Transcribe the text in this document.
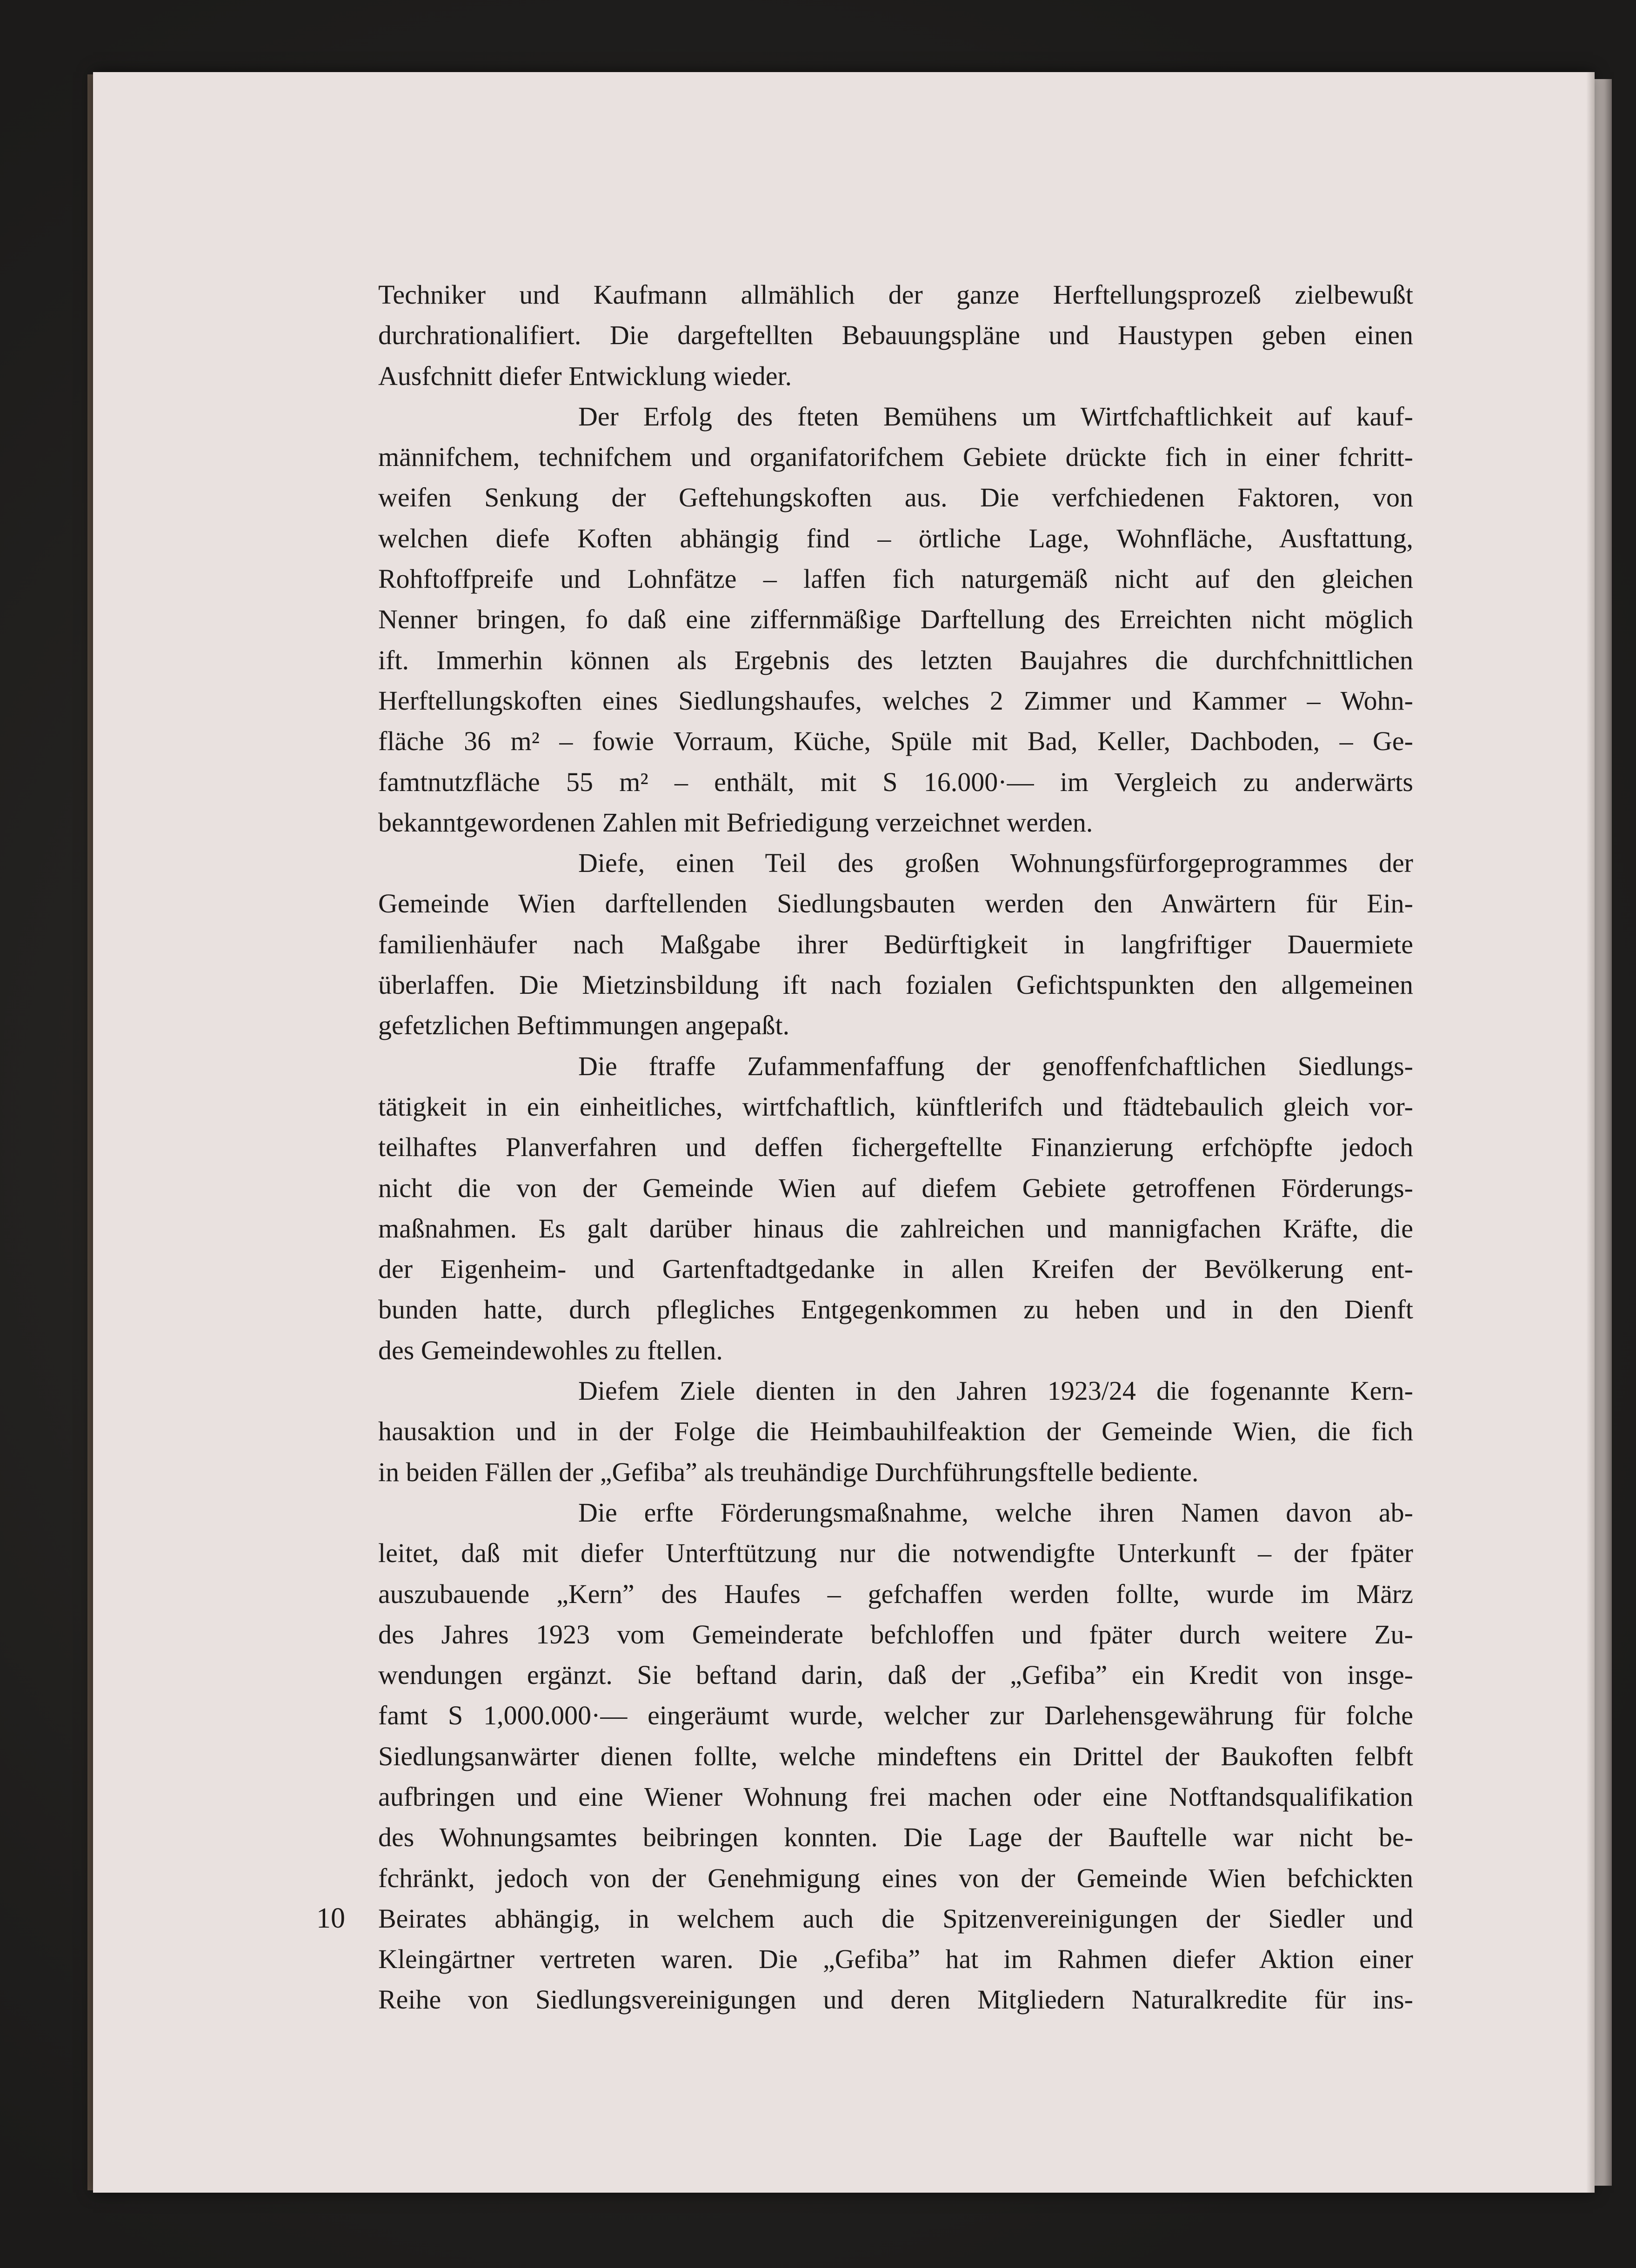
Techniker und Kaufmann allmählich der ganze Herftellungsprozeß zielbewußt
durchrationalifiert. Die dargeftellten Bebauungspläne und Haustypen geben einen
Ausfchnitt diefer Entwicklung wieder.
Der Erfolg des fteten Bemühens um Wirtfchaftlichkeit auf kauf-
männifchem, technifchem und organifatorifchem Gebiete drückte fich in einer fchritt-
weifen Senkung der Geftehungskoften aus. Die verfchiedenen Faktoren, von
welchen diefe Koften abhängig find – örtliche Lage, Wohnfläche, Ausftattung,
Rohftoffpreife und Lohnfätze – laffen fich naturgemäß nicht auf den gleichen
Nenner bringen, fo daß eine ziffernmäßige Darftellung des Erreichten nicht möglich
ift. Immerhin können als Ergebnis des letzten Baujahres die durchfchnittlichen
Herftellungskoften eines Siedlungshaufes, welches 2 Zimmer und Kammer – Wohn-
fläche 36 m² – fowie Vorraum, Küche, Spüle mit Bad, Keller, Dachboden, – Ge-
famtnutzfläche 55 m² – enthält, mit S 16.000·— im Vergleich zu anderwärts
bekanntgewordenen Zahlen mit Befriedigung verzeichnet werden.
Diefe, einen Teil des großen Wohnungsfürforgeprogrammes der
Gemeinde Wien darftellenden Siedlungsbauten werden den Anwärtern für Ein-
familienhäufer nach Maßgabe ihrer Bedürftigkeit in langfriftiger Dauermiete
überlaffen. Die Mietzinsbildung ift nach fozialen Gefichtspunkten den allgemeinen
gefetzlichen Beftimmungen angepaßt.
Die ftraffe Zufammenfaffung der genoffenfchaftlichen Siedlungs-
tätigkeit in ein einheitliches, wirtfchaftlich, künftlerifch und ftädtebaulich gleich vor-
teilhaftes Planverfahren und deffen fichergeftellte Finanzierung erfchöpfte jedoch
nicht die von der Gemeinde Wien auf diefem Gebiete getroffenen Förderungs-
maßnahmen. Es galt darüber hinaus die zahlreichen und mannigfachen Kräfte, die
der Eigenheim- und Gartenftadtgedanke in allen Kreifen der Bevölkerung ent-
bunden hatte, durch pflegliches Entgegenkommen zu heben und in den Dienft
des Gemeindewohles zu ftellen.
Diefem Ziele dienten in den Jahren 1923/24 die fogenannte Kern-
hausaktion und in der Folge die Heimbauhilfeaktion der Gemeinde Wien, die fich
in beiden Fällen der „Gefiba” als treuhändige Durchführungsftelle bediente.
Die erfte Förderungsmaßnahme, welche ihren Namen davon ab-
leitet, daß mit diefer Unterftützung nur die notwendigfte Unterkunft – der fpäter
auszubauende „Kern” des Haufes – gefchaffen werden follte, wurde im März
des Jahres 1923 vom Gemeinderate befchloffen und fpäter durch weitere Zu-
wendungen ergänzt. Sie beftand darin, daß der „Gefiba” ein Kredit von insge-
famt S 1,000.000·— eingeräumt wurde, welcher zur Darlehensgewährung für folche
Siedlungsanwärter dienen follte, welche mindeftens ein Drittel der Baukoften felbft
aufbringen und eine Wiener Wohnung frei machen oder eine Notftandsqualifikation
des Wohnungsamtes beibringen konnten. Die Lage der Bauftelle war nicht be-
fchränkt, jedoch von der Genehmigung eines von der Gemeinde Wien befchickten
Beirates abhängig, in welchem auch die Spitzenvereinigungen der Siedler und
Kleingärtner vertreten waren. Die „Gefiba” hat im Rahmen diefer Aktion einer
Reihe von Siedlungsvereinigungen und deren Mitgliedern Naturalkredite für ins-
10
